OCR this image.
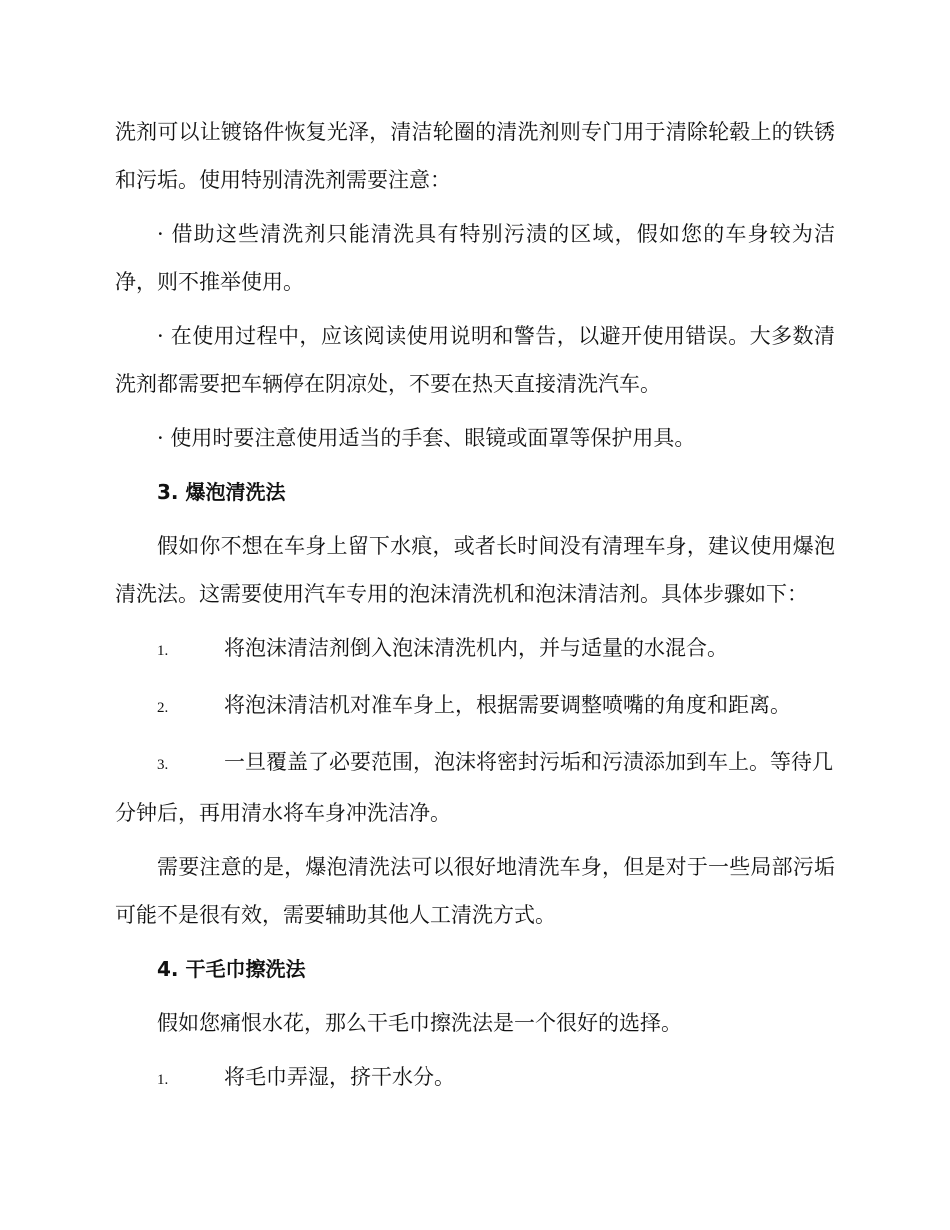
洗剂可以让镀铬件恢复光泽，清洁轮圈的清洗剂则专门用于清除轮毂上的铁锈和污垢。使用特别清洗剂需要注意：

· 借助这些清洗剂只能清洗具有特别污渍的区域，假如您的车身较为洁净，则不推举使用。

· 在使用过程中，应该阅读使用说明和警告，以避开使用错误。大多数清洗剂都需要把车辆停在阴凉处，不要在热天直接清洗汽车。

· 使用时要注意使用适当的手套、眼镜或面罩等保护用具。

3. 爆泡清洗法

假如你不想在车身上留下水痕，或者长时间没有清理车身，建议使用爆泡清洗法。这需要使用汽车专用的泡沫清洗机和泡沫清洁剂。具体步骤如下：

1.	将泡沫清洁剂倒入泡沫清洗机内，并与适量的水混合。

2.	将泡沫清洁机对准车身上，根据需要调整喷嘴的角度和距离。

3.	一旦覆盖了必要范围，泡沫将密封污垢和污渍添加到车上。等待几分钟后，再用清水将车身冲洗洁净。

需要注意的是，爆泡清洗法可以很好地清洗车身，但是对于一些局部污垢可能不是很有效，需要辅助其他人工清洗方式。

4. 干毛巾擦洗法

假如您痛恨水花，那么干毛巾擦洗法是一个很好的选择。

1.	将毛巾弄湿，挤干水分。
